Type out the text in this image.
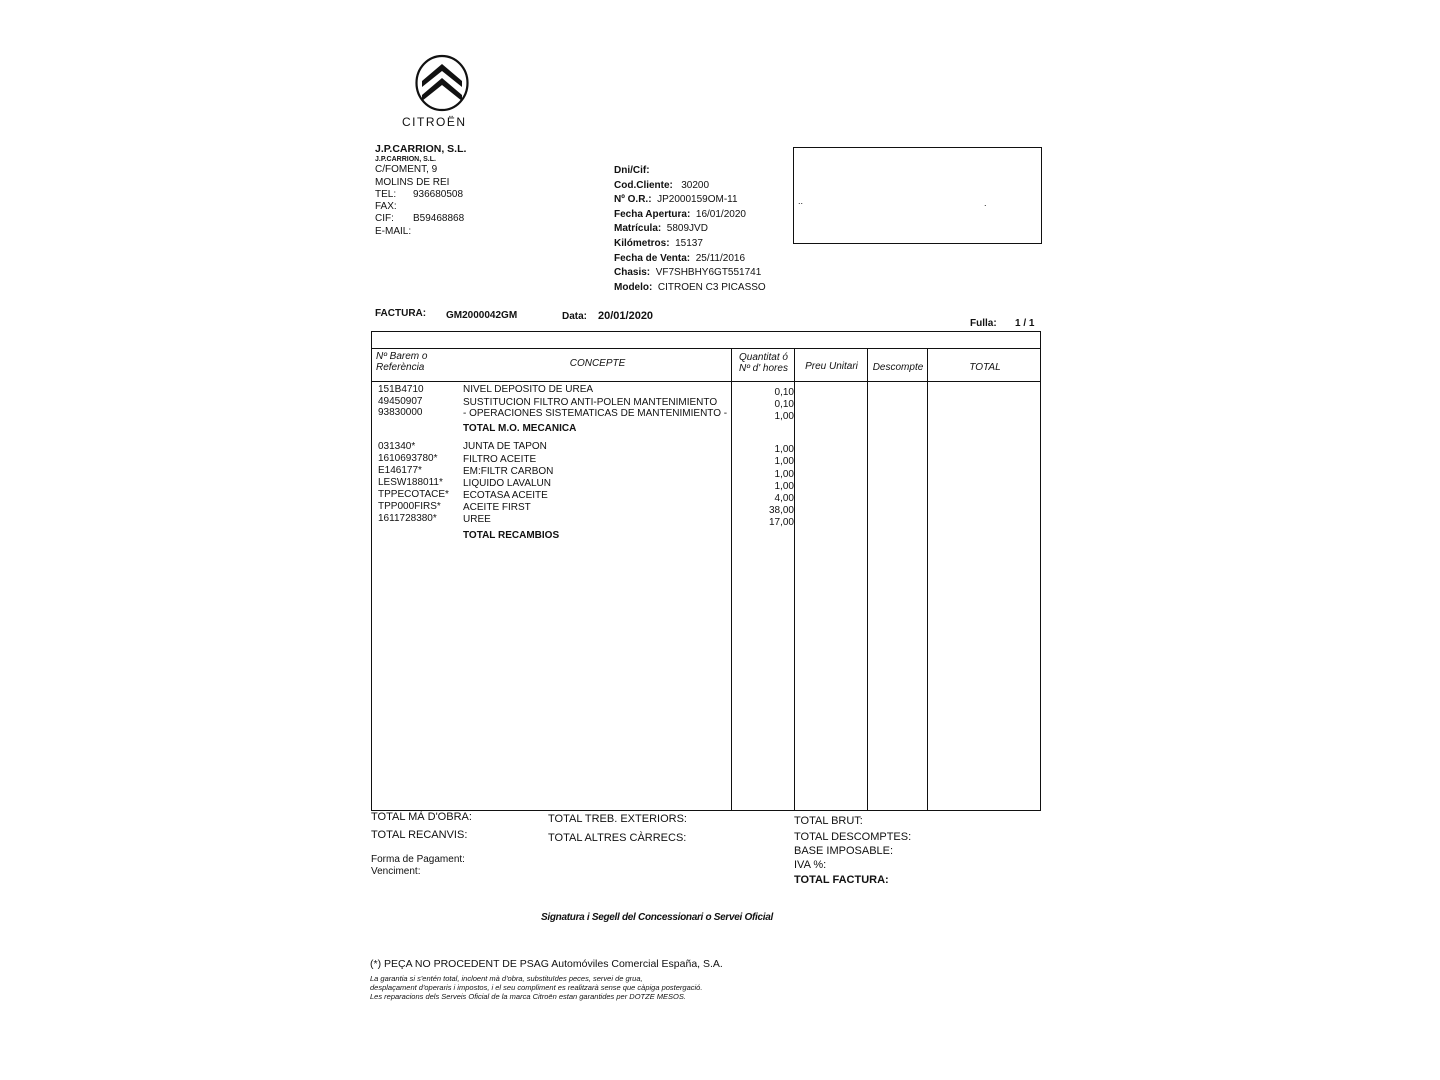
CITROËN
J.P.CARRION, S.L.
J.P.CARRION, S.L.
C/FOMENT, 9
MOLINS DE REI
TEL:	936680508
FAX:	
CIF:	B59468868
E-MAIL:	
Dni/Cif:
Cod.Cliente: 30200
Nº O.R.: JP2000159OM-11
Fecha Apertura: 16/01/2020
Matrícula: 5809JVD
Kilómetros: 15137
Fecha de Venta: 25/11/2016
Chasis: VF7SHBHY6GT551741
Modelo: CITROEN C3 PICASSO
..	.
FACTURA: GM2000042GM	Data: 20/01/2020
Fulla: 1 / 1
Nº Barem o
Referència	CONCEPTE
Quantitat ó
Nº d' hores	Preu Unitari	Descompte	TOTAL
151B4710	NIVEL DEPOSITO DE UREA	0,10
49450907	SUSTITUCION FILTRO ANTI-POLEN MANTENIMIENTO	0,10
93830000	- OPERACIONES SISTEMATICAS DE MANTENIMIENTO -	1,00
TOTAL M.O. MECANICA
031340*	JUNTA DE TAPON	1,00
1610693780*	FILTRO ACEITE	1,00
E146177*	EM:FILTR CARBON	1,00
LESW188011* LIQUIDO LAVALUN	1,00
TPPECOTACE* ECOTASA ACEITE	4,00
TPP000FIRS* ACEITE FIRST	38,00
1611728380*	UREE	17,00
TOTAL RECAMBIOS
TOTAL MÀ D'OBRA:
TOTAL RECANVIS:
TOTAL TREB. EXTERIORS:
TOTAL ALTRES CÀRRECS:
TOTAL BRUT:
TOTAL DESCOMPTES:
BASE IMPOSABLE:
IVA %:
TOTAL FACTURA:
Forma de Pagament:
Venciment:
Signatura i Segell del Concessionari o Servei Oficial
(*) PEÇA NO PROCEDENT DE PSAG Automóviles Comercial España, S.A.
La garantia si s'entén total, incloent mà d'obra, substituïdes peces, servei de grua,
desplaçament d'operaris i impostos, i el seu compliment es realitzarà sense que càpiga postergació.
Les reparacions dels Serveis Oficial de la marca Citroën estan garantides per DOTZE MESOS.
